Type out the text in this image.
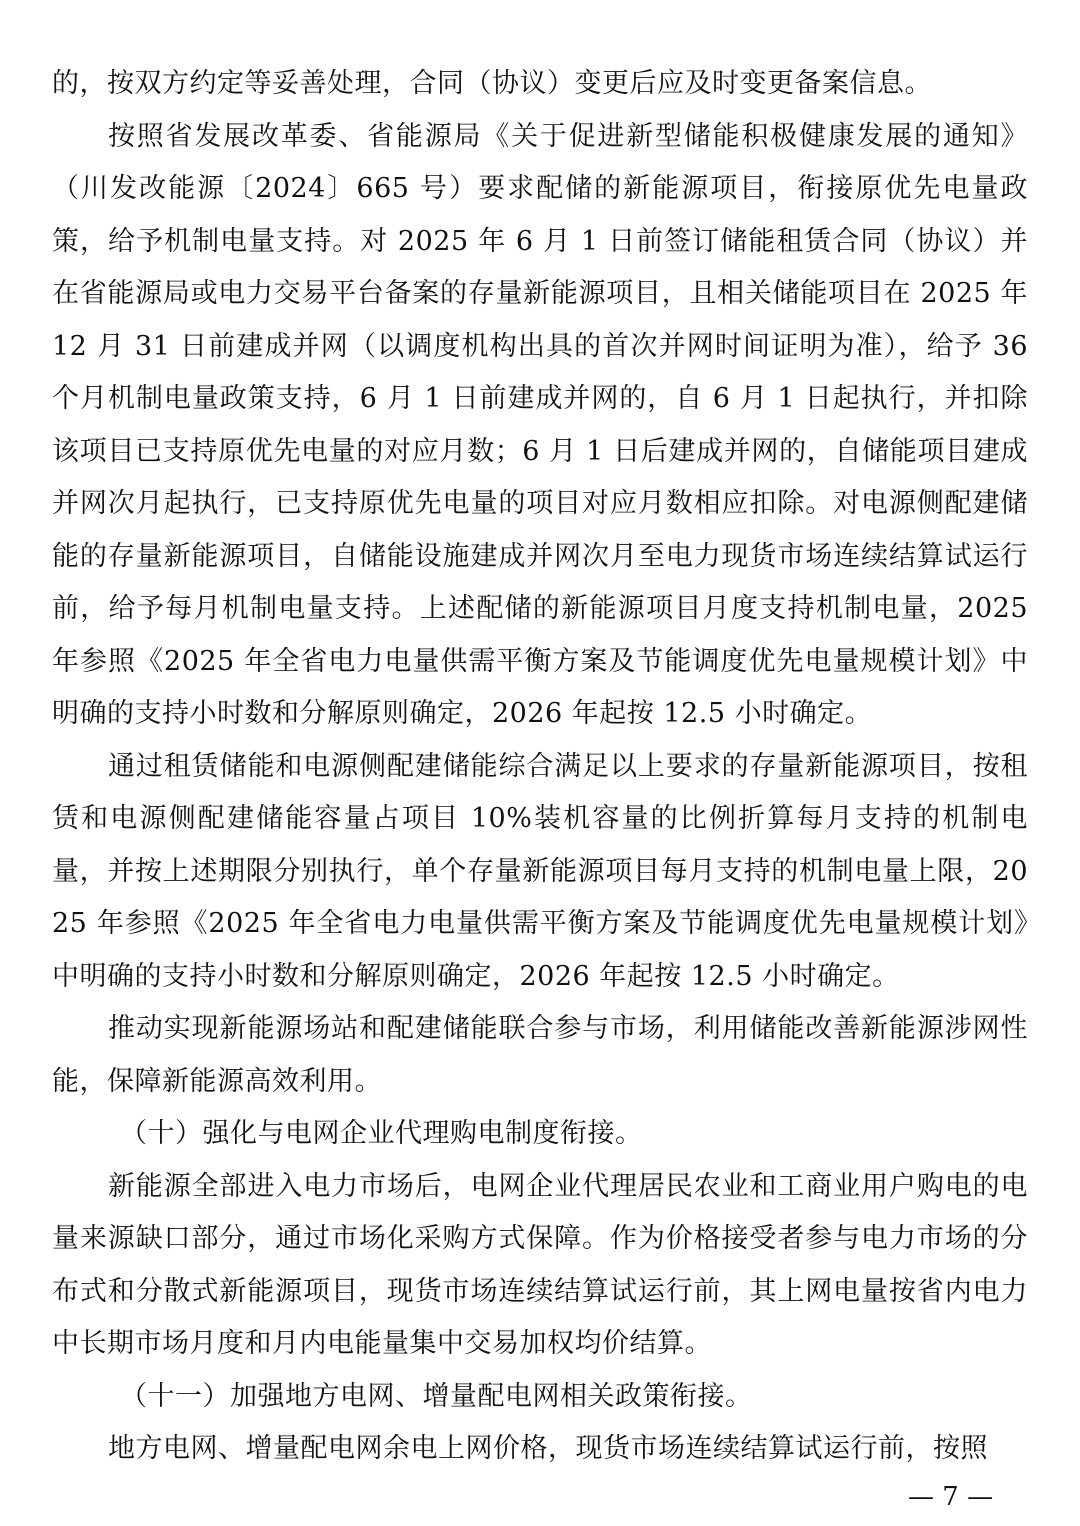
的，按双方约定等妥善处理，合同（协议）变更后应及时变更备案信息。

按照省发展改革委、省能源局《关于促进新型储能积极健康发展的通知》（川发改能源〔2024〕665 号）要求配储的新能源项目，衔接原优先电量政策，给予机制电量支持。对 2025 年 6 月 1 日前签订储能租赁合同（协议）并在省能源局或电力交易平台备案的存量新能源项目，且相关储能项目在 2025 年 12 月 31 日前建成并网（以调度机构出具的首次并网时间证明为准），给予 36 个月机制电量政策支持，6 月 1 日前建成并网的，自 6 月 1 日起执行，并扣除该项目已支持原优先电量的对应月数；6 月 1 日后建成并网的，自储能项目建成并网次月起执行，已支持原优先电量的项目对应月数相应扣除。对电源侧配建储能的存量新能源项目，自储能设施建成并网次月至电力现货市场连续结算试运行前，给予每月机制电量支持。上述配储的新能源项目月度支持机制电量，2025 年参照《2025 年全省电力电量供需平衡方案及节能调度优先电量规模计划》中明确的支持小时数和分解原则确定，2026 年起按 12.5 小时确定。

通过租赁储能和电源侧配建储能综合满足以上要求的存量新能源项目，按租赁和电源侧配建储能容量占项目 10%装机容量的比例折算每月支持的机制电量，并按上述期限分别执行，单个存量新能源项目每月支持的机制电量上限，2025 年参照《2025 年全省电力电量供需平衡方案及节能调度优先电量规模计划》中明确的支持小时数和分解原则确定，2026 年起按 12.5 小时确定。

推动实现新能源场站和配建储能联合参与市场，利用储能改善新能源涉网性能，保障新能源高效利用。

（十）强化与电网企业代理购电制度衔接。

新能源全部进入电力市场后，电网企业代理居民农业和工商业用户购电的电量来源缺口部分，通过市场化采购方式保障。作为价格接受者参与电力市场的分布式和分散式新能源项目，现货市场连续结算试运行前，其上网电量按省内电力中长期市场月度和月内电能量集中交易加权均价结算。

（十一）加强地方电网、增量配电网相关政策衔接。

地方电网、增量配电网余电上网价格，现货市场连续结算试运行前，按照

— 7 —
